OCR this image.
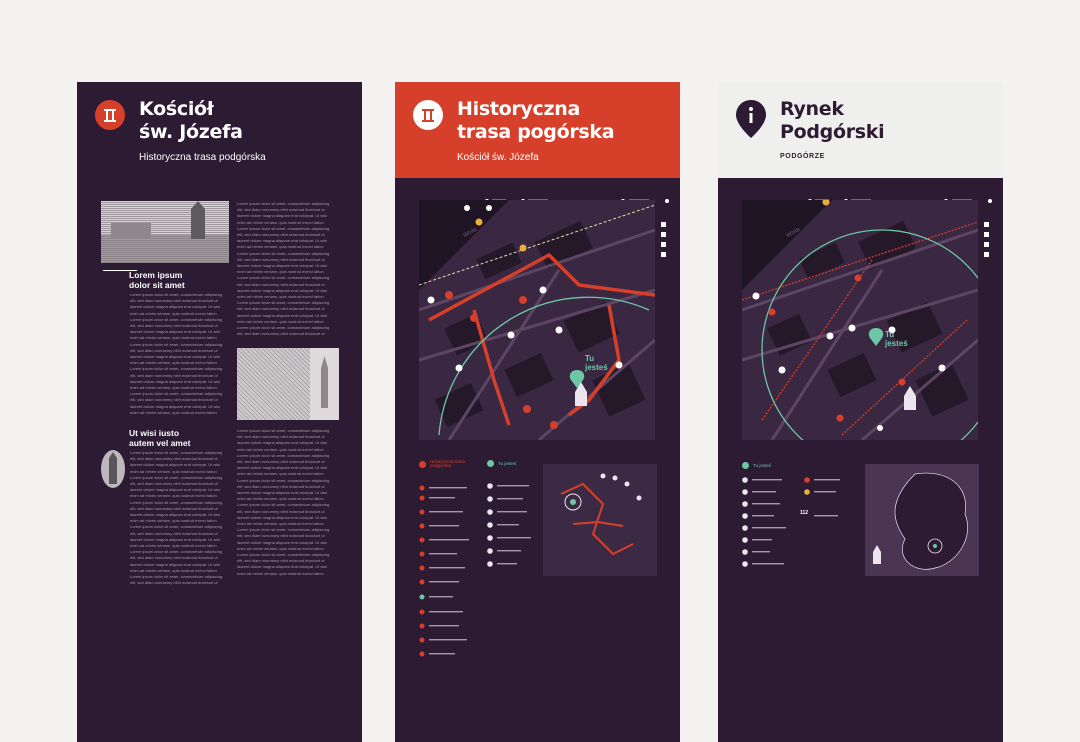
Kościół
św. Józefa
Historyczna trasa podgórska
Lorem ipsum
dolor sit amet
Lorem ipsum dolor sit amet, consectetuer adipiscing
elit, sed diam nonummy nibh euismod tincidunt ut
laoreet dolore magna aliquam erat volutpat. Ut wisi
enim ad minim veniam, quis nostrud exerci tation
Lorem ipsum dolor sit amet, consectetuer adipiscing
elit, sed diam nonummy nibh euismod tincidunt ut
laoreet dolore magna aliquam erat volutpat. Ut wisi
enim ad minim veniam, quis nostrud exerci tation
Lorem ipsum dolor sit amet, consectetuer adipiscing
elit, sed diam nonummy nibh euismod tincidunt ut
laoreet dolore magna aliquam erat volutpat. Ut wisi
enim ad minim veniam, quis nostrud exerci tation
Lorem ipsum dolor sit amet, consectetuer adipiscing
elit, sed diam nonummy nibh euismod tincidunt ut
laoreet dolore magna aliquam erat volutpat. Ut wisi
enim ad minim veniam, quis nostrud exerci tation
Lorem ipsum dolor sit amet, consectetuer adipiscing
elit, sed diam nonummy nibh euismod tincidunt ut
laoreet dolore magna aliquam erat volutpat. Ut wisi
enim ad minim veniam, quis nostrud exerci tation
Ut wisi iusto
autem vel amet
Lorem ipsum dolor sit amet, consectetuer adipiscing
elit, sed diam nonummy nibh euismod tincidunt ut
laoreet dolore magna aliquam erat volutpat. Ut wisi
enim ad minim veniam, quis nostrud exerci tation
Lorem ipsum dolor sit amet, consectetuer adipiscing
elit, sed diam nonummy nibh euismod tincidunt ut
laoreet dolore magna aliquam erat volutpat. Ut wisi
enim ad minim veniam, quis nostrud exerci tation
Lorem ipsum dolor sit amet, consectetuer adipiscing
elit, sed diam nonummy nibh euismod tincidunt ut
laoreet dolore magna aliquam erat volutpat. Ut wisi
enim ad minim veniam, quis nostrud exerci tation
Lorem ipsum dolor sit amet, consectetuer adipiscing
elit, sed diam nonummy nibh euismod tincidunt ut
laoreet dolore magna aliquam erat volutpat. Ut wisi
enim ad minim veniam, quis nostrud exerci tation
Lorem ipsum dolor sit amet, consectetuer adipiscing
elit, sed diam nonummy nibh euismod tincidunt ut
laoreet dolore magna aliquam erat volutpat. Ut wisi
enim ad minim veniam, quis nostrud exerci tation
Lorem ipsum dolor sit amet, consectetuer adipiscing
elit, sed diam nonummy nibh euismod tincidunt ut
Lorem ipsum dolor sit amet, consectetuer adipiscing
elit, sed diam nonummy nibh euismod tincidunt ut
laoreet dolore magna aliquam erat volutpat. Ut wisi
enim ad minim veniam, quis nostrud exerci tation
Lorem ipsum dolor sit amet, consectetuer adipiscing
elit, sed diam nonummy nibh euismod tincidunt ut
laoreet dolore magna aliquam erat volutpat. Ut wisi
enim ad minim veniam, quis nostrud exerci tation
Lorem ipsum dolor sit amet, consectetuer adipiscing
elit, sed diam nonummy nibh euismod tincidunt ut
laoreet dolore magna aliquam erat volutpat. Ut wisi
enim ad minim veniam, quis nostrud exerci tation
Lorem ipsum dolor sit amet, consectetuer adipiscing
elit, sed diam nonummy nibh euismod tincidunt ut
laoreet dolore magna aliquam erat volutpat. Ut wisi
enim ad minim veniam, quis nostrud exerci tation
Lorem ipsum dolor sit amet, consectetuer adipiscing
elit, sed diam nonummy nibh euismod tincidunt ut
laoreet dolore magna aliquam erat volutpat. Ut wisi
enim ad minim veniam, quis nostrud exerci tation
Lorem ipsum dolor sit amet, consectetuer adipiscing
elit, sed diam nonummy nibh euismod tincidunt ut
Lorem ipsum dolor sit amet, consectetuer adipiscing
elit, sed diam nonummy nibh euismod tincidunt ut
laoreet dolore magna aliquam erat volutpat. Ut wisi
enim ad minim veniam, quis nostrud exerci tation
Lorem ipsum dolor sit amet, consectetuer adipiscing
elit, sed diam nonummy nibh euismod tincidunt ut
laoreet dolore magna aliquam erat volutpat. Ut wisi
enim ad minim veniam, quis nostrud exerci tation
Lorem ipsum dolor sit amet, consectetuer adipiscing
elit, sed diam nonummy nibh euismod tincidunt ut
laoreet dolore magna aliquam erat volutpat. Ut wisi
enim ad minim veniam, quis nostrud exerci tation
Lorem ipsum dolor sit amet, consectetuer adipiscing
elit, sed diam nonummy nibh euismod tincidunt ut
laoreet dolore magna aliquam erat volutpat. Ut wisi
enim ad minim veniam, quis nostrud exerci tation
Lorem ipsum dolor sit amet, consectetuer adipiscing
elit, sed diam nonummy nibh euismod tincidunt ut
laoreet dolore magna aliquam erat volutpat. Ut wisi
enim ad minim veniam, quis nostrud exerci tation
Lorem ipsum dolor sit amet, consectetuer adipiscing
elit, sed diam nonummy nibh euismod tincidunt ut
laoreet dolore magna aliquam erat volutpat. Ut wisi
enim ad minim veniam, quis nostrud exerci tation
Historyczna
trasa pogórska
Kościół św. Józefa
Wisła
Tu
jesteś
Historyczna trasa podgórska	Tu jesteś
Rynek
Podgórski
PODGÓRZE
Wisła
Tu
jesteś
Tu jesteś
112
